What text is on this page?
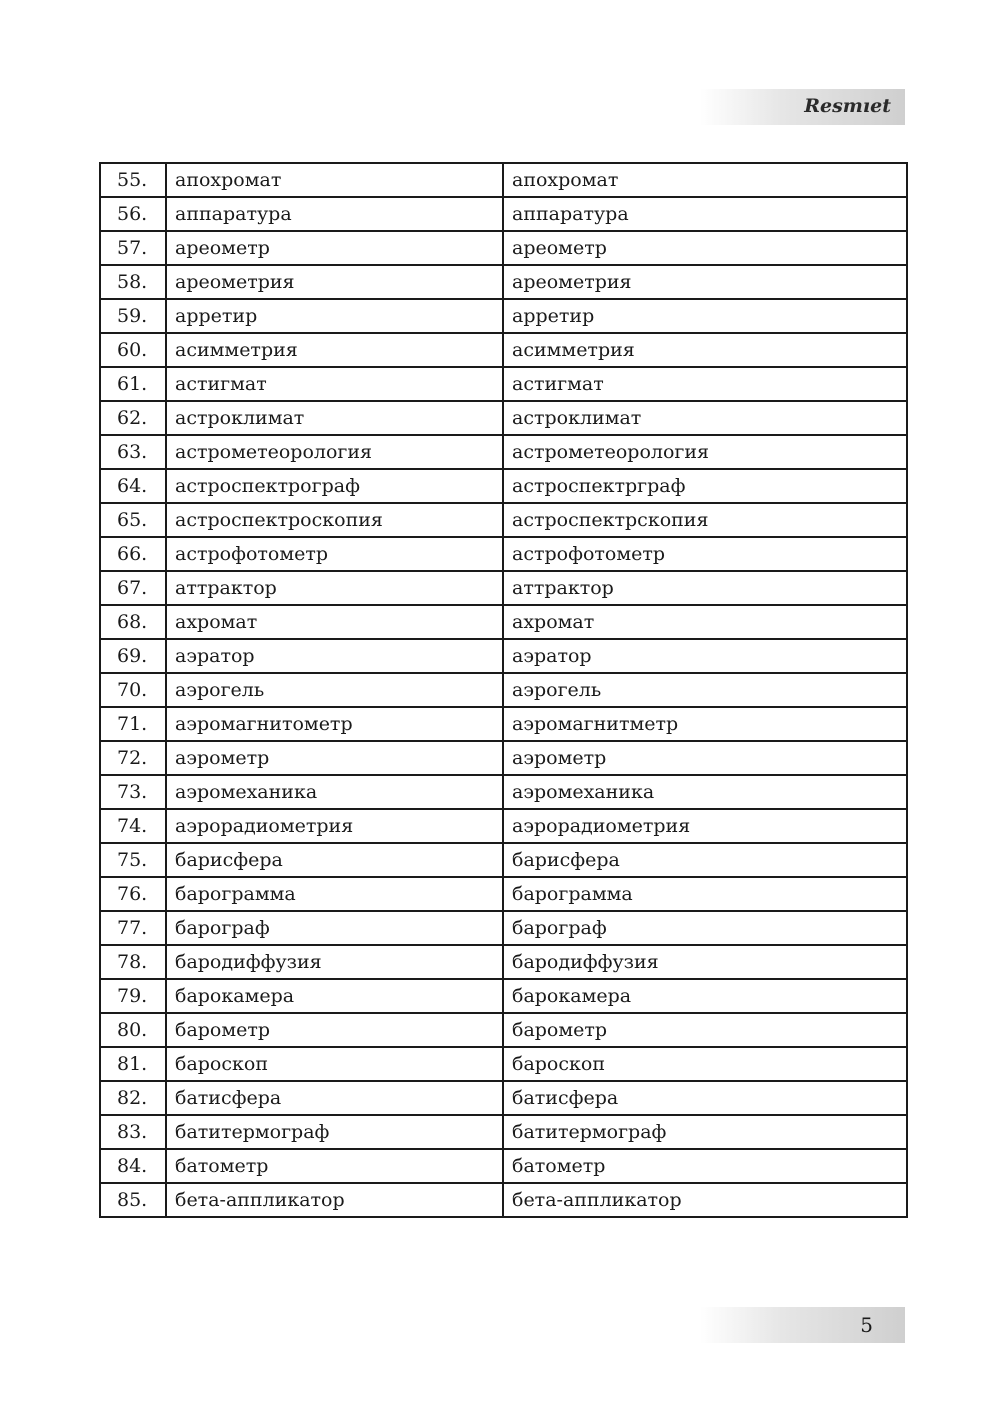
Resmıet
55.	апохромат	апохромат
56.	аппаратура	аппаратура
57.	ареометр	ареометр
58.	ареометрия	ареометрия
59.	арретир	арретир
60.	асимметрия	асимметрия
61.	астигмат	астигмат
62.	астроклимат	астроклимат
63.	астрометеорология	астрометеорология
64.	астроспектрограф	астроспектрграф
65.	астроспектроскопия	астроспектрскопия
66.	астрофотометр	астрофотометр
67.	аттрактор	аттрактор
68.	ахромат	ахромат
69.	аэратор	аэратор
70.	аэрогель	аэрогель
71.	аэромагнитометр	аэромагнитметр
72.	аэрометр	аэрометр
73.	аэромеханика	аэромеханика
74.	аэрорадиометрия	аэрорадиометрия
75.	барисфера	барисфера
76.	барограмма	барограмма
77.	барограф	барограф
78.	бародиффузия	бародиффузия
79.	барокамера	барокамера
80.	барометр	барометр
81.	бароскоп	бароскоп
82.	батисфера	батисфера
83.	батитермограф	батитермограф
84.	батометр	батометр
85.	бета-аппликатор	бета-аппликатор
5
